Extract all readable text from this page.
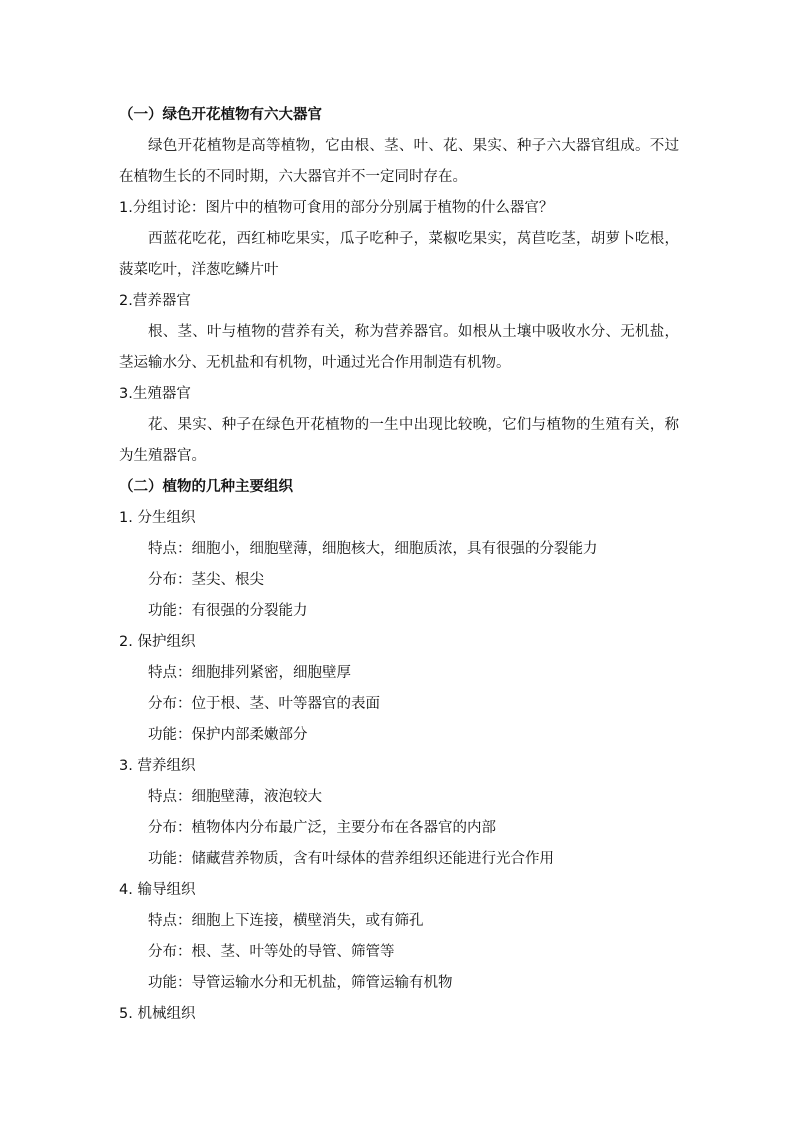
（一）绿色开花植物有六大器官

绿色开花植物是高等植物，它由根、茎、叶、花、果实、种子六大器官组成。不过在植物生长的不同时期，六大器官并不一定同时存在。

1.分组讨论：图片中的植物可食用的部分分别属于植物的什么器官？

西蓝花吃花，西红柿吃果实，瓜子吃种子，菜椒吃果实，莴苣吃茎，胡萝卜吃根，菠菜吃叶，洋葱吃鳞片叶

2.营养器官

根、茎、叶与植物的营养有关，称为营养器官。如根从土壤中吸收水分、无机盐，茎运输水分、无机盐和有机物，叶通过光合作用制造有机物。

3.生殖器官

花、果实、种子在绿色开花植物的一生中出现比较晚，它们与植物的生殖有关，称为生殖器官。

（二）植物的几种主要组织

1. 分生组织

特点：细胞小，细胞壁薄，细胞核大，细胞质浓，具有很强的分裂能力

分布：茎尖、根尖

功能：有很强的分裂能力

2. 保护组织

特点：细胞排列紧密，细胞壁厚

分布：位于根、茎、叶等器官的表面

功能：保护内部柔嫩部分

3. 营养组织

特点：细胞壁薄，液泡较大

分布：植物体内分布最广泛，主要分布在各器官的内部

功能：储藏营养物质，含有叶绿体的营养组织还能进行光合作用

4. 输导组织

特点：细胞上下连接，横壁消失，或有筛孔

分布：根、茎、叶等处的导管、筛管等

功能：导管运输水分和无机盐，筛管运输有机物

5. 机械组织
